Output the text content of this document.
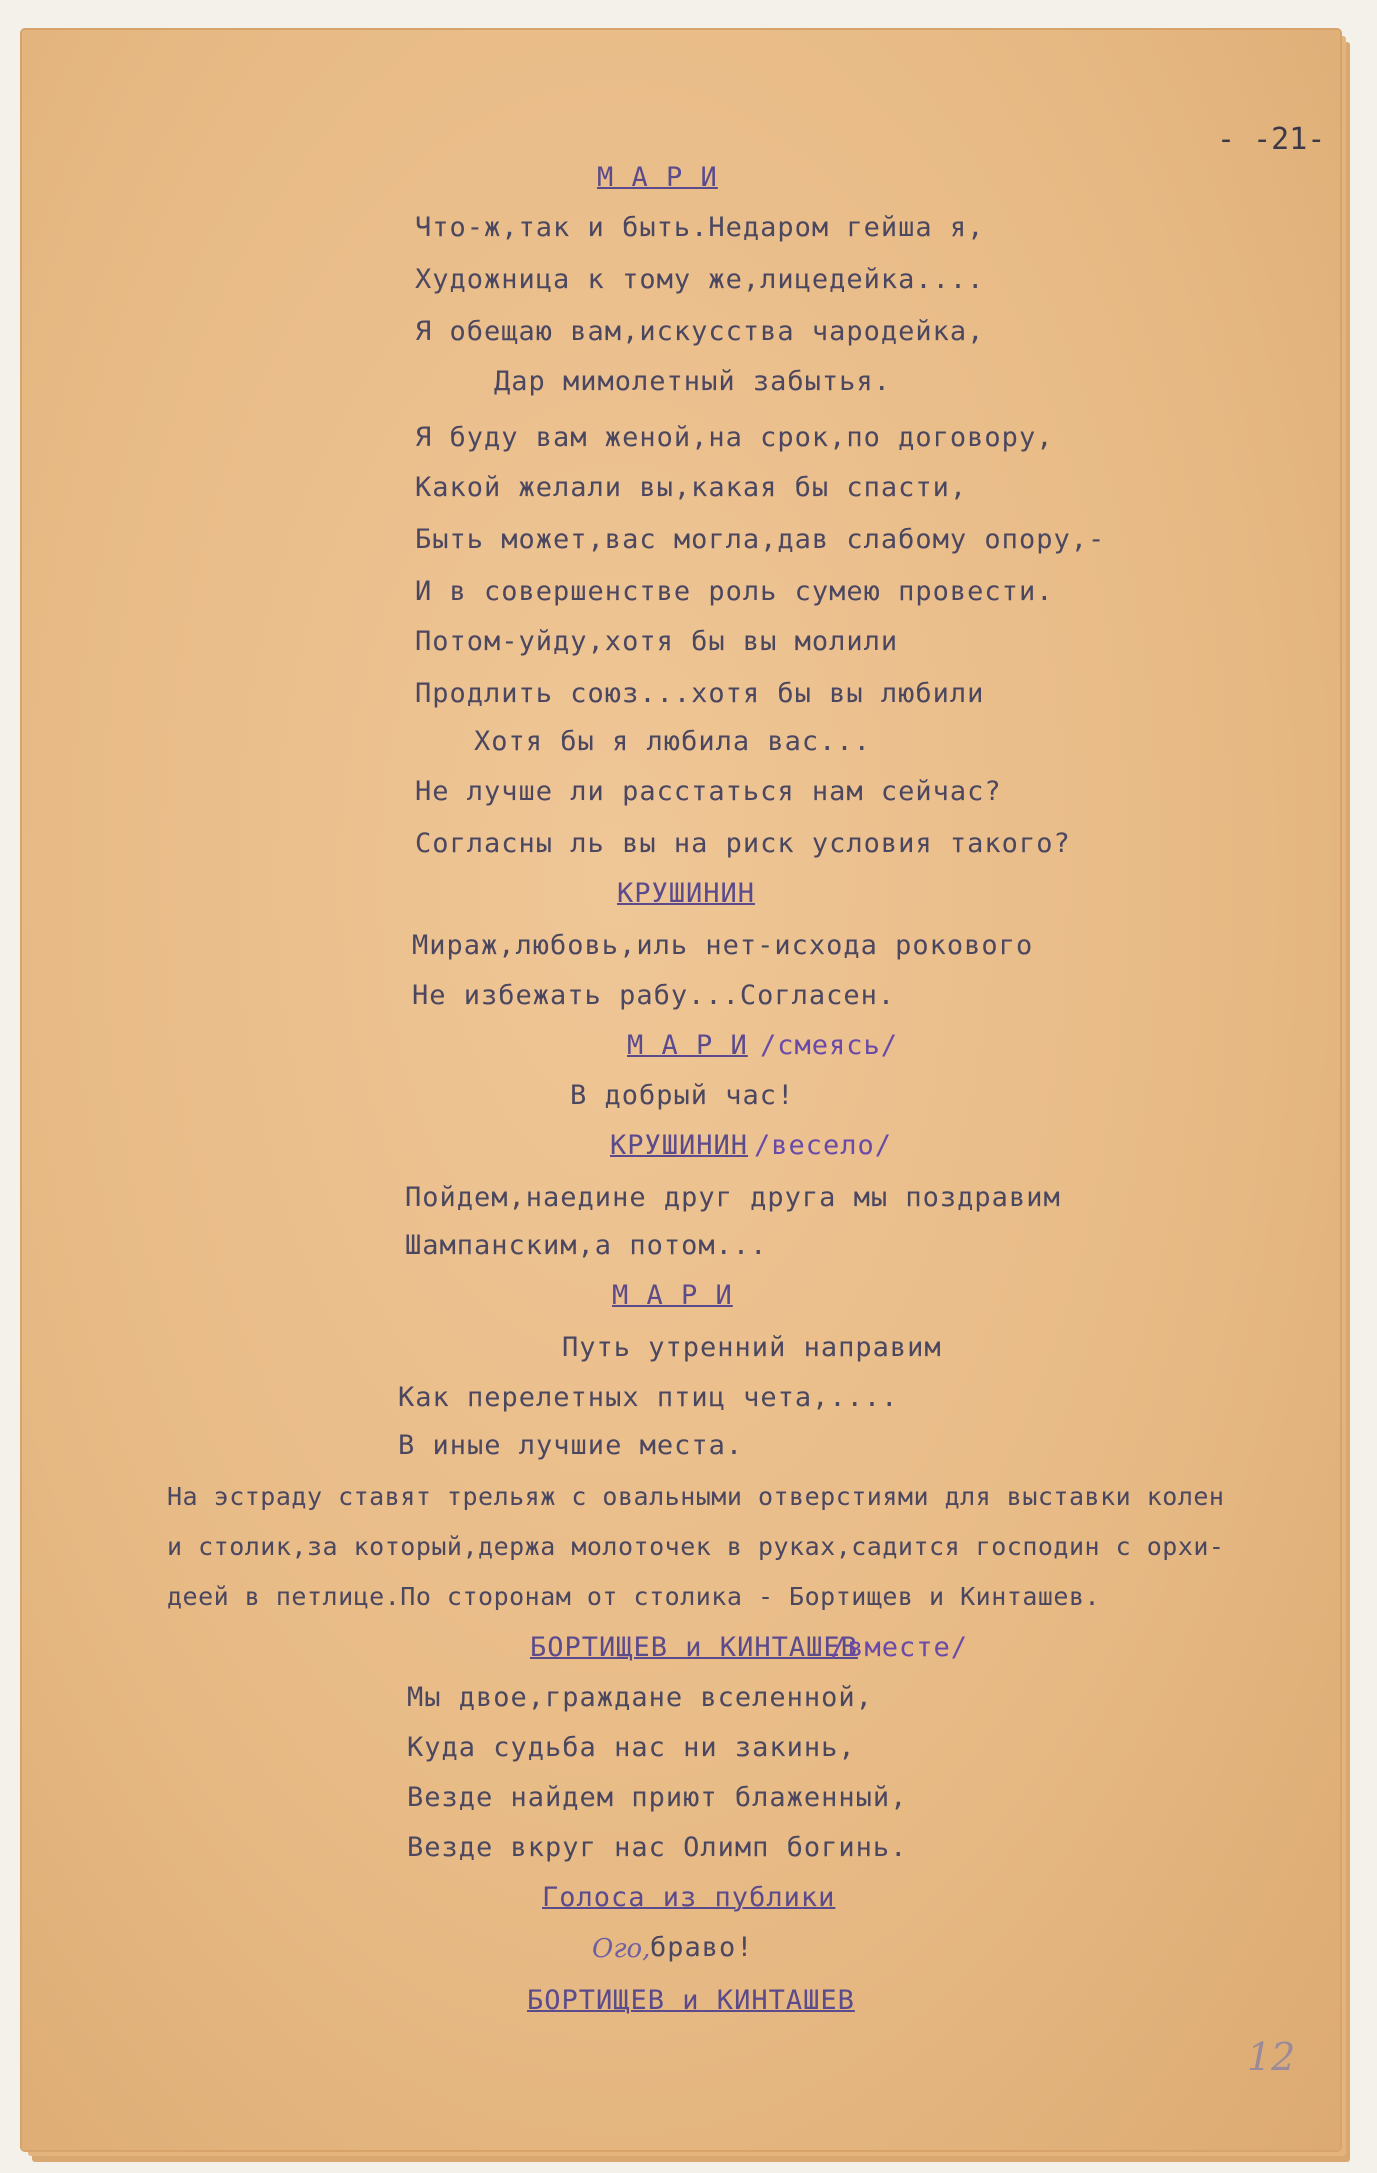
- -21-
М А Р И
Что-ж,так и быть.Недаром гейша я,
Художница к тому же,лицедейка....
Я обещаю вам,искусства чародейка,
Дар мимолетный забытья.
Я буду вам женой,на срок,по договору,
Какой желали вы,какая бы спасти,
Быть может,вас могла,дав слабому опору,-
И в совершенстве роль сумею провести.
Потом-уйду,хотя бы вы молили
Продлить союз...хотя бы вы любили
Хотя бы я любила вас...
Не лучше ли расстаться нам сейчас?
Согласны ль вы на риск условия такого?
КРУШИНИН
Мираж,любовь,иль нет-исхода рокового
Не избежать рабу...Согласен.
М А Р И /смеясь/
В добрый час!
КРУШИНИН /весело/
Пойдем,наедине друг друга мы поздравим
Шампанским,а потом...
М А Р И
Путь утренний направим
Как перелетных птиц чета,....
В иные лучшие места.
На эстраду ставят трельяж с овальными отверстиями для выставки колен
и столик,за который,держа молоточек в руках,садится господин с орхи-
деей в петлице.По сторонам от столика - Бортищев и Кинташев.
БОРТИЩЕВ и КИНТАШЕВ
/вместе/
Мы двое,граждане вселенной,
Куда судьба нас ни закинь,
Везде найдем приют блаженный,
Везде вкруг нас Олимп богинь.
Голоса из публики
Ого, браво!
БОРТИЩЕВ и КИНТАШЕВ
12
